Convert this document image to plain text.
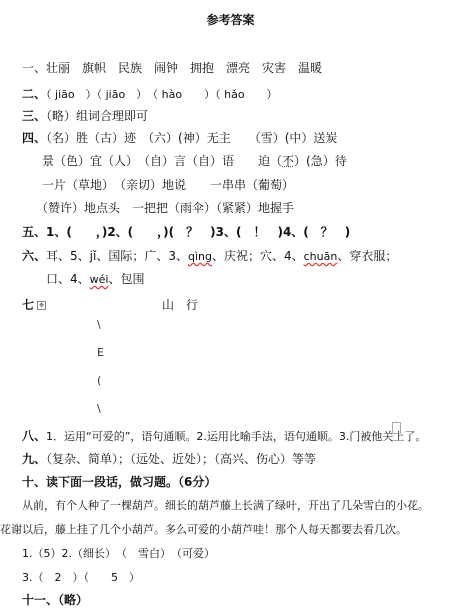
参考答案
一、壮丽　旗帜　民族　闹钟　拥抱　漂亮　灾害　温暖
二、（ jiāo　）（ jiāo　）　（ hào　　）（ hǎo　　）
三、（略）组词合理即可
四、（名）胜（古）迹　（六）(神）无主　　（雪）(中）送炭
景（色）宜（人）　（自）言（自）语　　迫（不）(急）待
一片（草地）　（亲切）地说　　一串串（葡萄）
（赞许）地点头　一把把（雨伞）（紧紧）地握手
五、1、(　　，)2、(　　，)(　？　)3、(　！　)4、(　？　)
六、耳、5、jǐ、国际；广、3、qìng、庆祝；穴、4、chuān、穿衣服；
口、4、wéi、包围
七 ✥	山　行
\
E
(
\
八、1．运用“可爱的”，语句通顺。2.运用比喻手法，语句通顺。3.门被他关上了。
九、（复杂、简单）；（远处、近处）；（高兴、伤心）等等
十、读下面一段话，做习题。（6分）
从前，有个人种了一棵葫芦。细长的葫芦藤上长满了绿叶，开出了几朵雪白的小花。
花谢以后，藤上挂了几个小葫芦。多么可爱的小葫芦哇！那个人每天都要去看几次。
1.（5）2.（细长）　（　雪白）　（可爱）
3.（　2　）（　　5　）
十一、（略）
